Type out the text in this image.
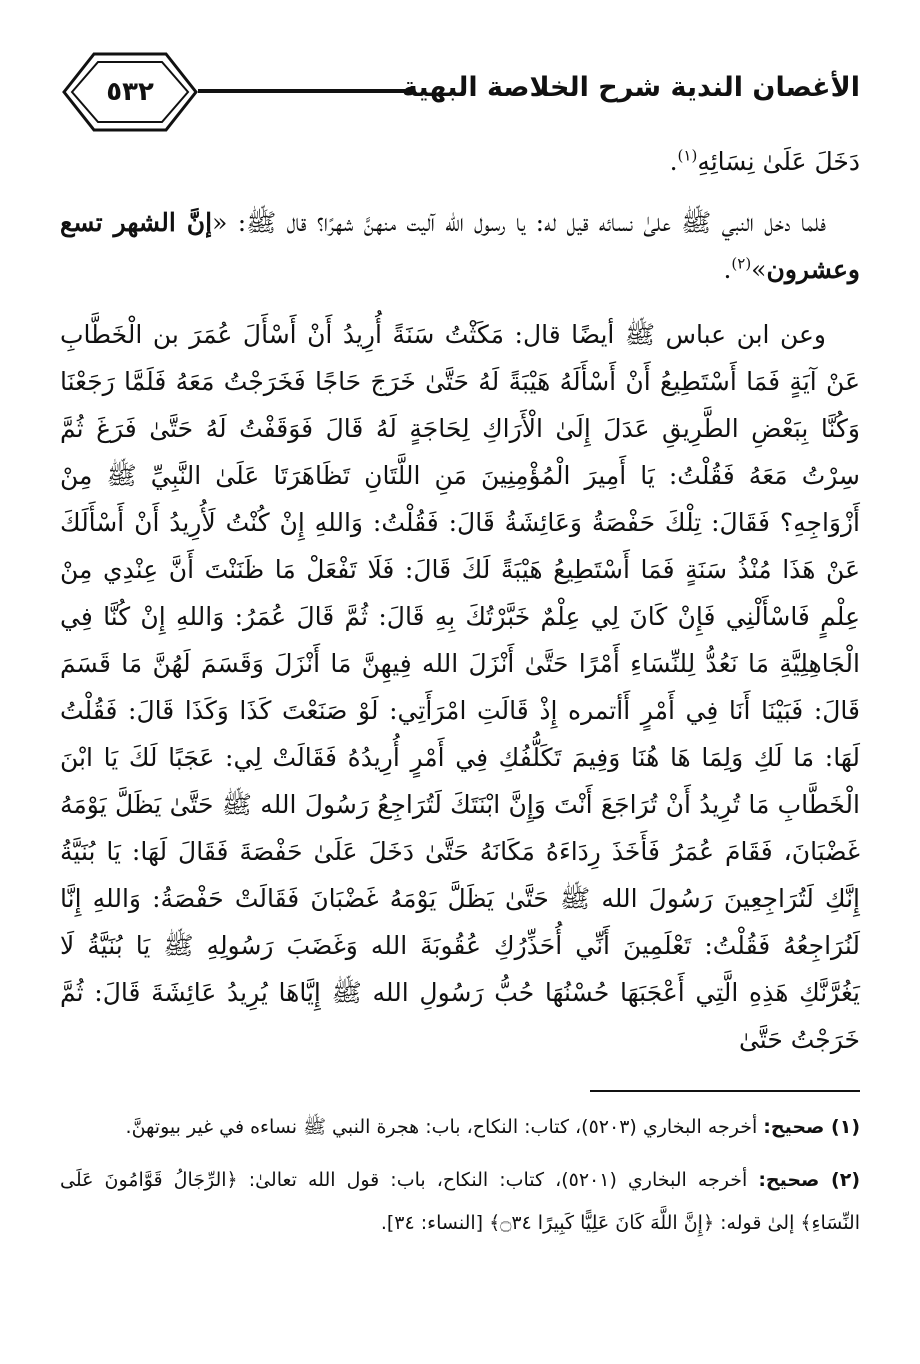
٥٣٢	الأغصان الندية شرح الخلاصة البهية

دَخَلَ عَلَىٰ نِسَائِهِ$^{(١)}$.

فلما دخل النبي ﷺ علىٰ نسائه قيل له: يا رسول الله آليت منهنَّ شهرًا؟ قال ﷺ: «إنَّ الشهر تسع وعشرون»$^{(٢)}$.

وعن ابن عباس ﷺ أيضًا قال: مَكَثْتُ سَنَةً أُرِيدُ أَنْ أَسْأَلَ عُمَرَ بن الْخَطَّابِ عَنْ آيَةٍ فَمَا أَسْتَطِيعُ أَنْ أَسْأَلَهُ هَيْبَةً لَهُ حَتَّىٰ خَرَجَ حَاجًا فَخَرَجْتُ مَعَهُ فَلَمَّا رَجَعْنَا وَكُنَّا بِبَعْضِ الطَّرِيقِ عَدَلَ إِلَىٰ الْأَرَاكِ لِحَاجَةٍ لَهُ قَالَ فَوَقَفْتُ لَهُ حَتَّىٰ فَرَغَ ثُمَّ سِرْتُ مَعَهُ فَقُلْتُ: يَا أَمِيرَ الْمُؤْمِنِينَ مَنِ اللَّتَانِ تَظَاهَرَتَا عَلَىٰ النَّبِيِّ ﷺ مِنْ أَزْوَاجِهِ؟ فَقَالَ: تِلْكَ حَفْصَةُ وَعَائِشَةُ قَالَ: فَقُلْتُ: وَاللهِ إِنْ كُنْتُ لَأُرِيدُ أَنْ أَسْأَلَكَ عَنْ هَذَا مُنْذُ سَنَةٍ فَمَا أَسْتَطِيعُ هَيْبَةً لَكَ قَالَ: فَلَا تَفْعَلْ مَا ظَنَنْتَ أَنَّ عِنْدِي مِنْ عِلْمٍ فَاسْأَلْنِي فَإِنْ كَانَ لِي عِلْمٌ خَبَّرْتُكَ بِهِ قَالَ: ثُمَّ قَالَ عُمَرُ: وَاللهِ إِنْ كُنَّا فِي الْجَاهِلِيَّةِ مَا نَعُدُّ لِلنِّسَاءِ أَمْرًا حَتَّىٰ أَنْزَلَ الله فِيهِنَّ مَا أَنْزَلَ وَقَسَمَ لَهُنَّ مَا قَسَمَ قَالَ: فَبَيْنَا أَنَا فِي أَمْرٍ أَأتمره إِذْ قَالَتِ امْرَأَتِي: لَوْ صَنَعْتَ كَذَا وَكَذَا قَالَ: فَقُلْتُ لَهَا: مَا لَكِ وَلِمَا هَا هُنَا وَفِيمَ تَكَلُّفُكِ فِي أَمْرٍ أُرِيدُهُ فَقَالَتْ لِي: عَجَبًا لَكَ يَا ابْنَ الْخَطَّابِ مَا تُرِيدُ أَنْ تُرَاجَعَ أَنْتَ وَإِنَّ ابْنَتَكَ لَتُرَاجِعُ رَسُولَ الله ﷺ حَتَّىٰ يَظَلَّ يَوْمَهُ غَضْبَانَ، فَقَامَ عُمَرُ فَأَخَذَ رِدَاءَهُ مَكَانَهُ حَتَّىٰ دَخَلَ عَلَىٰ حَفْصَةَ فَقَالَ لَهَا: يَا بُنَيَّةُ إِنَّكِ لَتُرَاجِعِينَ رَسُولَ الله ﷺ حَتَّىٰ يَظَلَّ يَوْمَهُ غَضْبَانَ فَقَالَتْ حَفْصَةُ: وَاللهِ إِنَّا لَنُرَاجِعُهُ فَقُلْتُ: تَعْلَمِينَ أَنِّي أُحَذِّرُكِ عُقُوبَةَ الله وَغَضَبَ رَسُولِهِ ﷺ يَا بُنَيَّةُ لَا يَغُرَّنَّكِ هَذِهِ الَّتِي أَعْجَبَهَا حُسْنُهَا حُبُّ رَسُولِ الله ﷺ إِيَّاهَا يُرِيدُ عَائِشَةَ قَالَ: ثُمَّ خَرَجْتُ حَتَّىٰ

(١) صحيح: أخرجه البخاري (٥٢٠٣)، كتاب: النكاح، باب: هجرة النبي ﷺ نساءه في غير بيوتهنَّ.

(٢) صحيح: أخرجه البخاري (٥٢٠١)، كتاب: النكاح، باب: قول الله تعالىٰ: ﴿الرِّجَالُ قَوَّامُونَ عَلَى النِّسَاءِ﴾ إلىٰ قوله: ﴿إِنَّ اللَّهَ كَانَ عَلِيًّا كَبِيرًا ۝٣٤﴾ [النساء: ٣٤].
